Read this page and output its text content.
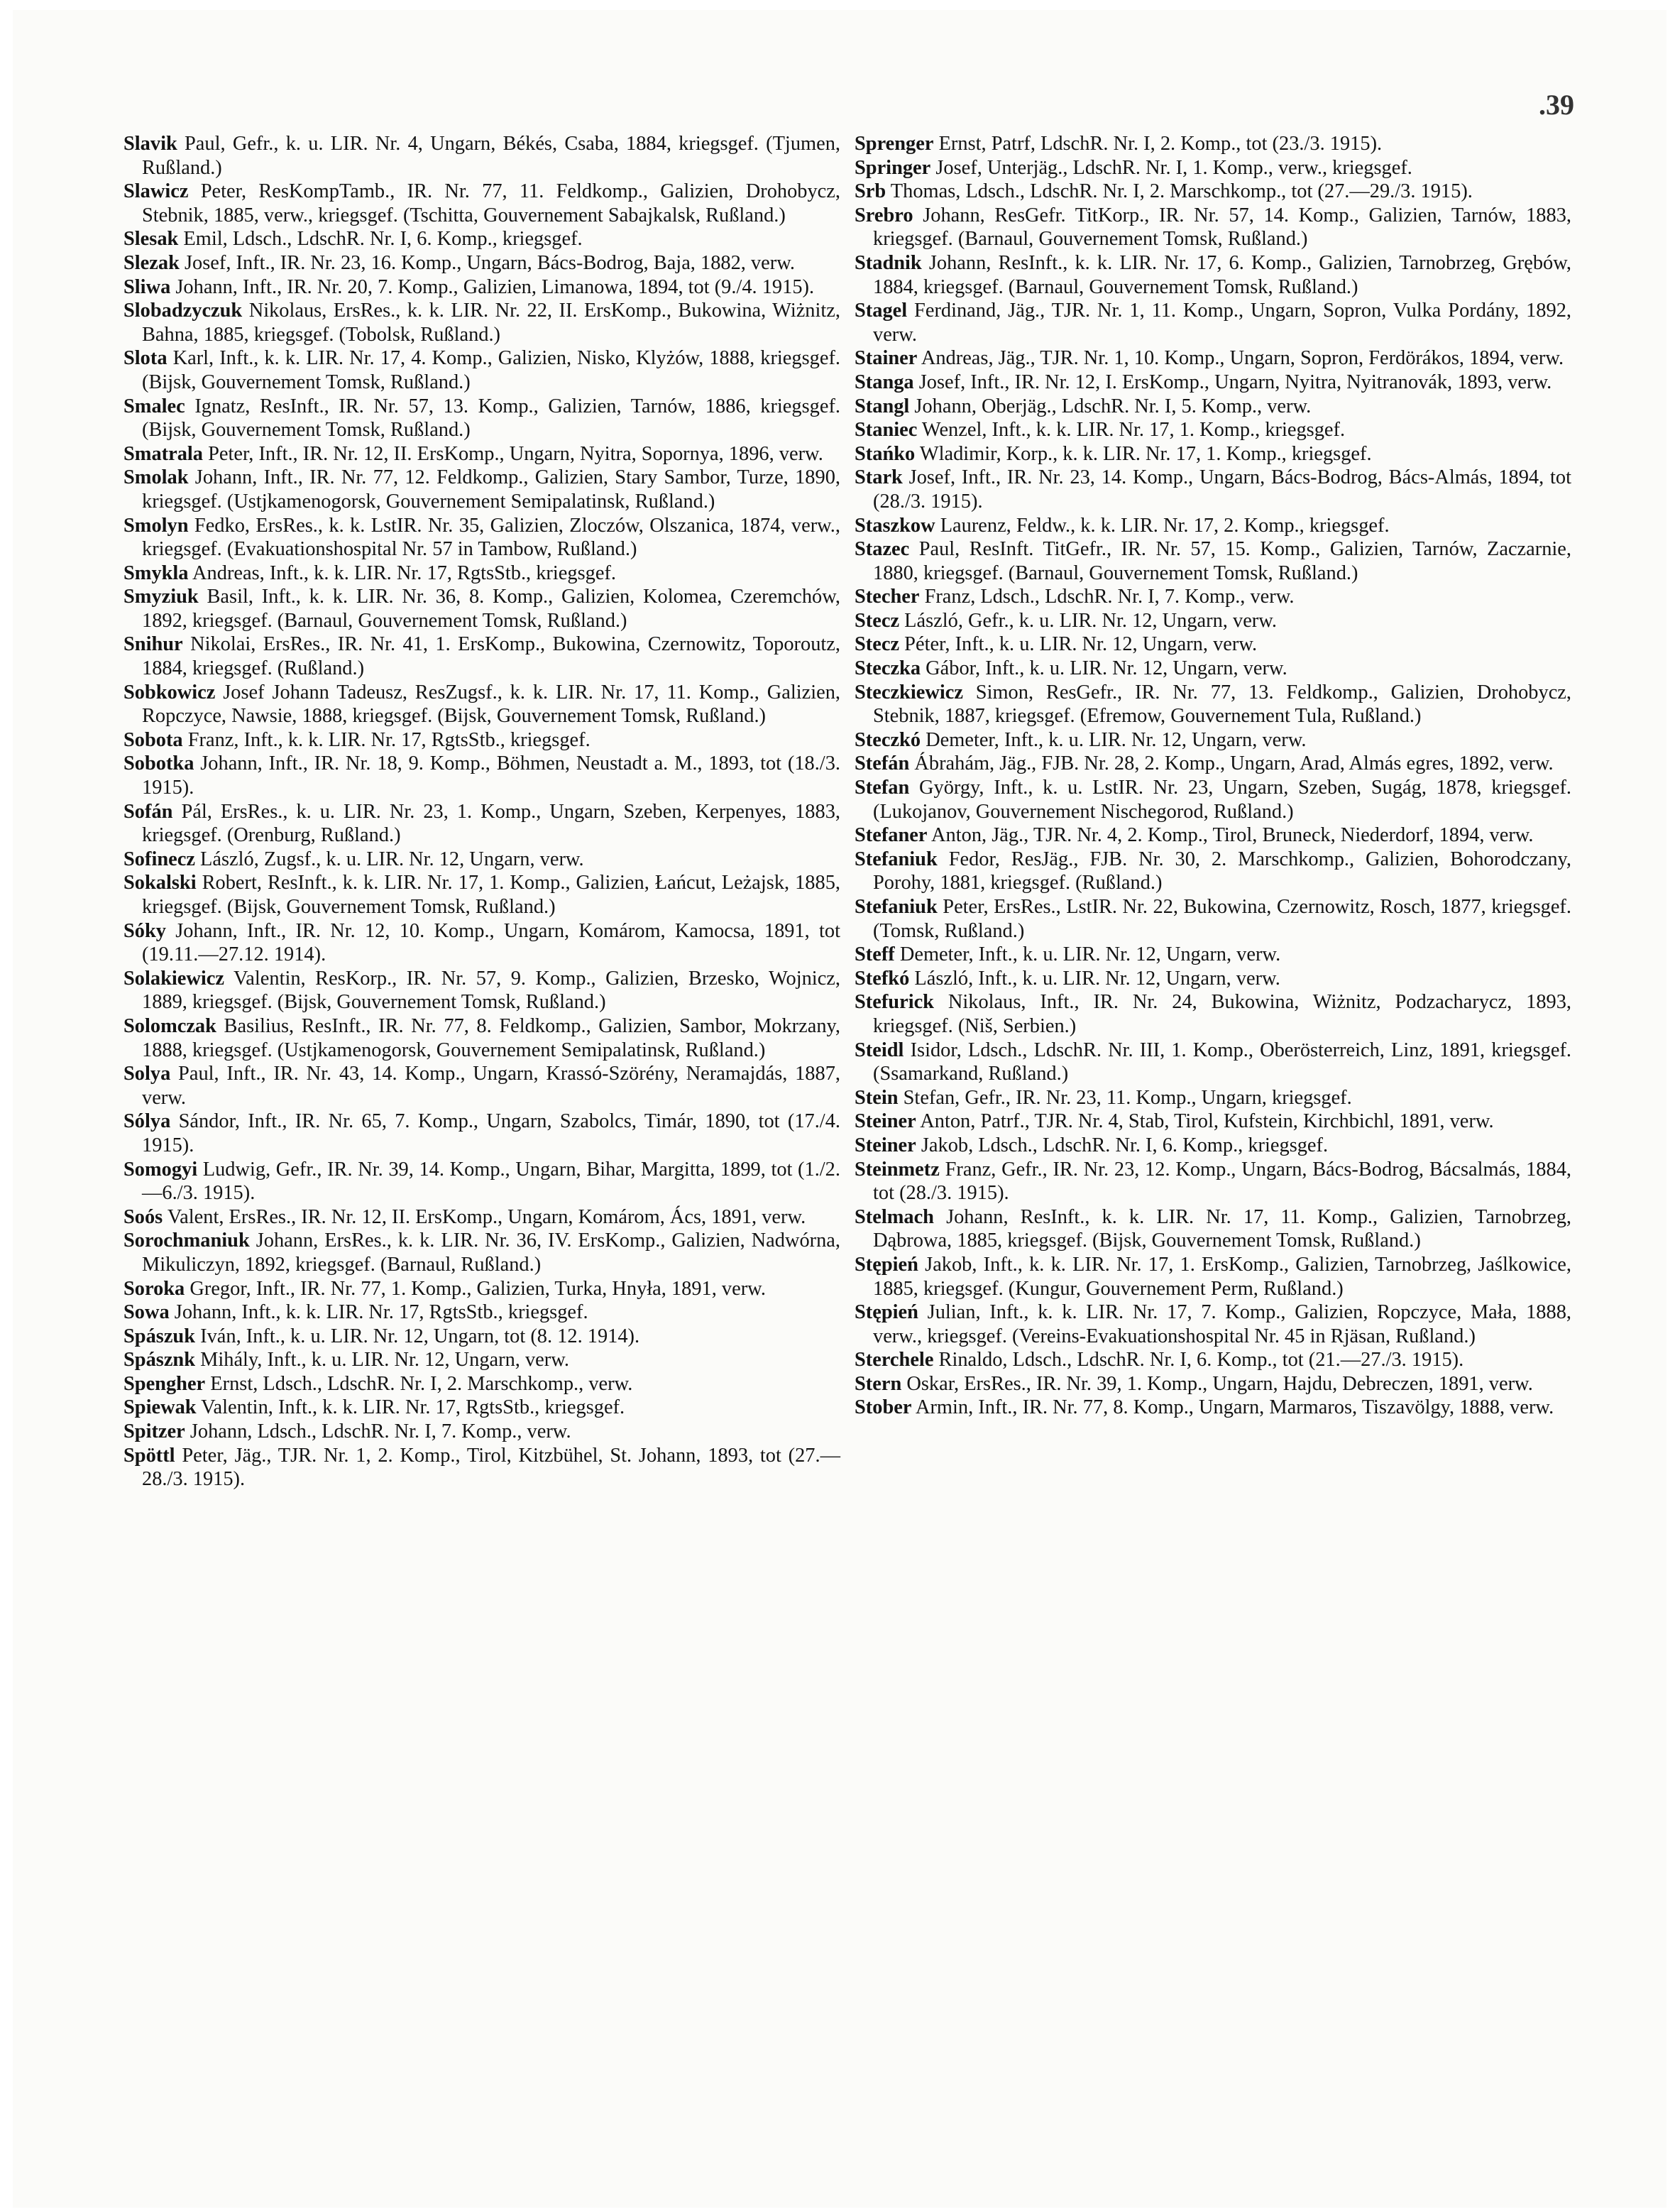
.39

Slavik Paul, Gefr., k. u. LIR. Nr. 4, Ungarn, Békés, Csaba, 1884, kriegsgef. (Tjumen, Rußland.)

Slawicz Peter, ResKompTamb., IR. Nr. 77, 11. Feldkomp., Galizien, Drohobycz, Stebnik, 1885, verw., kriegsgef. (Tschitta, Gouvernement Sabajkalsk, Rußland.)

Slesak Emil, Ldsch., LdschR. Nr. I, 6. Komp., kriegsgef.

Slezak Josef, Inft., IR. Nr. 23, 16. Komp., Ungarn, Bács-Bodrog, Baja, 1882, verw.

Sliwa Johann, Inft., IR. Nr. 20, 7. Komp., Galizien, Limanowa, 1894, tot (9./4. 1915).

Slobadzyczuk Nikolaus, ErsRes., k. k. LIR. Nr. 22, II. ErsKomp., Bukowina, Wiżnitz, Bahna, 1885, kriegsgef. (Tobolsk, Rußland.)

Slota Karl, Inft., k. k. LIR. Nr. 17, 4. Komp., Galizien, Nisko, Klyżów, 1888, kriegsgef. (Bijsk, Gouvernement Tomsk, Rußland.)

Smalec Ignatz, ResInft., IR. Nr. 57, 13. Komp., Galizien, Tarnów, 1886, kriegsgef. (Bijsk, Gouvernement Tomsk, Rußland.)

Smatrala Peter, Inft., IR. Nr. 12, II. ErsKomp., Ungarn, Nyitra, Sopornya, 1896, verw.

Smolak Johann, Inft., IR. Nr. 77, 12. Feldkomp., Galizien, Stary Sambor, Turze, 1890, kriegsgef. (Ustjkamenogorsk, Gouvernement Semipalatinsk, Rußland.)

Smolyn Fedko, ErsRes., k. k. LstIR. Nr. 35, Galizien, Zloczów, Olszanica, 1874, verw., kriegsgef. (Evakuationshospital Nr. 57 in Tambow, Rußland.)

Smykla Andreas, Inft., k. k. LIR. Nr. 17, RgtsStb., kriegsgef.

Smyziuk Basil, Inft., k. k. LIR. Nr. 36, 8. Komp., Galizien, Kolomea, Czeremchów, 1892, kriegsgef. (Barnaul, Gouvernement Tomsk, Rußland.)

Snihur Nikolai, ErsRes., IR. Nr. 41, 1. ErsKomp., Bukowina, Czernowitz, Toporoutz, 1884, kriegsgef. (Rußland.)

Sobkowicz Josef Johann Tadeusz, ResZugsf., k. k. LIR. Nr. 17, 11. Komp., Galizien, Ropczyce, Nawsie, 1888, kriegsgef. (Bijsk, Gouvernement Tomsk, Rußland.)

Sobota Franz, Inft., k. k. LIR. Nr. 17, RgtsStb., kriegsgef.

Sobotka Johann, Inft., IR. Nr. 18, 9. Komp., Böhmen, Neustadt a. M., 1893, tot (18./3. 1915).

Sofán Pál, ErsRes., k. u. LIR. Nr. 23, 1. Komp., Ungarn, Szeben, Kerpenyes, 1883, kriegsgef. (Orenburg, Rußland.)

Sofinecz László, Zugsf., k. u. LIR. Nr. 12, Ungarn, verw.

Sokalski Robert, ResInft., k. k. LIR. Nr. 17, 1. Komp., Galizien, Łańcut, Leżajsk, 1885, kriegsgef. (Bijsk, Gouvernement Tomsk, Rußland.)

Sóky Johann, Inft., IR. Nr. 12, 10. Komp., Ungarn, Komárom, Kamocsa, 1891, tot (19.11.—27.12. 1914).

Solakiewicz Valentin, ResKorp., IR. Nr. 57, 9. Komp., Galizien, Brzesko, Wojnicz, 1889, kriegsgef. (Bijsk, Gouvernement Tomsk, Rußland.)

Solomczak Basilius, ResInft., IR. Nr. 77, 8. Feldkomp., Galizien, Sambor, Mokrzany, 1888, kriegsgef. (Ustjkamenogorsk, Gouvernement Semipalatinsk, Rußland.)

Solya Paul, Inft., IR. Nr. 43, 14. Komp., Ungarn, Krassó-Szörény, Neramajdás, 1887, verw.

Sólya Sándor, Inft., IR. Nr. 65, 7. Komp., Ungarn, Szabolcs, Timár, 1890, tot (17./4. 1915).

Somogyi Ludwig, Gefr., IR. Nr. 39, 14. Komp., Ungarn, Bihar, Margitta, 1899, tot (1./2.—6./3. 1915).

Soós Valent, ErsRes., IR. Nr. 12, II. ErsKomp., Ungarn, Komárom, Ács, 1891, verw.

Sorochmaniuk Johann, ErsRes., k. k. LIR. Nr. 36, IV. ErsKomp., Galizien, Nadwórna, Mikuliczyn, 1892, kriegsgef. (Barnaul, Rußland.)

Soroka Gregor, Inft., IR. Nr. 77, 1. Komp., Galizien, Turka, Hnyła, 1891, verw.

Sowa Johann, Inft., k. k. LIR. Nr. 17, RgtsStb., kriegsgef.

Spászuk Iván, Inft., k. u. LIR. Nr. 12, Ungarn, tot (8. 12. 1914).

Spásznk Mihály, Inft., k. u. LIR. Nr. 12, Ungarn, verw.

Spengher Ernst, Ldsch., LdschR. Nr. I, 2. Marschkomp., verw.

Spiewak Valentin, Inft., k. k. LIR. Nr. 17, RgtsStb., kriegsgef.

Spitzer Johann, Ldsch., LdschR. Nr. I, 7. Komp., verw.

Spöttl Peter, Jäg., TJR. Nr. 1, 2. Komp., Tirol, Kitzbühel, St. Johann, 1893, tot (27.—28./3. 1915).

Sprenger Ernst, Patrf, LdschR. Nr. I, 2. Komp., tot (23./3. 1915).

Springer Josef, Unterjäg., LdschR. Nr. I, 1. Komp., verw., kriegsgef.

Srb Thomas, Ldsch., LdschR. Nr. I, 2. Marschkomp., tot (27.—29./3. 1915).

Srebro Johann, ResGefr. TitKorp., IR. Nr. 57, 14. Komp., Galizien, Tarnów, 1883, kriegsgef. (Barnaul, Gouvernement Tomsk, Rußland.)

Stadnik Johann, ResInft., k. k. LIR. Nr. 17, 6. Komp., Galizien, Tarnobrzeg, Grębów, 1884, kriegsgef. (Barnaul, Gouvernement Tomsk, Rußland.)

Stagel Ferdinand, Jäg., TJR. Nr. 1, 11. Komp., Ungarn, Sopron, Vulka Pordány, 1892, verw.

Stainer Andreas, Jäg., TJR. Nr. 1, 10. Komp., Ungarn, Sopron, Ferdörákos, 1894, verw.

Stanga Josef, Inft., IR. Nr. 12, I. ErsKomp., Ungarn, Nyitra, Nyitranovák, 1893, verw.

Stangl Johann, Oberjäg., LdschR. Nr. I, 5. Komp., verw.

Staniec Wenzel, Inft., k. k. LIR. Nr. 17, 1. Komp., kriegsgef.

Stańko Wladimir, Korp., k. k. LIR. Nr. 17, 1. Komp., kriegsgef.

Stark Josef, Inft., IR. Nr. 23, 14. Komp., Ungarn, Bács-Bodrog, Bács-Almás, 1894, tot (28./3. 1915).

Staszkow Laurenz, Feldw., k. k. LIR. Nr. 17, 2. Komp., kriegsgef.

Stazec Paul, ResInft. TitGefr., IR. Nr. 57, 15. Komp., Galizien, Tarnów, Zaczarnie, 1880, kriegsgef. (Barnaul, Gouvernement Tomsk, Rußland.)

Stecher Franz, Ldsch., LdschR. Nr. I, 7. Komp., verw.

Stecz László, Gefr., k. u. LIR. Nr. 12, Ungarn, verw.

Stecz Péter, Inft., k. u. LIR. Nr. 12, Ungarn, verw.

Steczka Gábor, Inft., k. u. LIR. Nr. 12, Ungarn, verw.

Steczkiewicz Simon, ResGefr., IR. Nr. 77, 13. Feldkomp., Galizien, Drohobycz, Stebnik, 1887, kriegsgef. (Efremow, Gouvernement Tula, Rußland.)

Steczkó Demeter, Inft., k. u. LIR. Nr. 12, Ungarn, verw.

Stefán Ábrahám, Jäg., FJB. Nr. 28, 2. Komp., Ungarn, Arad, Almás egres, 1892, verw.

Stefan György, Inft., k. u. LstIR. Nr. 23, Ungarn, Szeben, Sugág, 1878, kriegsgef. (Lukojanov, Gouvernement Nischegorod, Rußland.)

Stefaner Anton, Jäg., TJR. Nr. 4, 2. Komp., Tirol, Bruneck, Niederdorf, 1894, verw.

Stefaniuk Fedor, ResJäg., FJB. Nr. 30, 2. Marschkomp., Galizien, Bohorodczany, Porohy, 1881, kriegsgef. (Rußland.)

Stefaniuk Peter, ErsRes., LstIR. Nr. 22, Bukowina, Czernowitz, Rosch, 1877, kriegsgef. (Tomsk, Rußland.)

Steff Demeter, Inft., k. u. LIR. Nr. 12, Ungarn, verw.

Stefkó László, Inft., k. u. LIR. Nr. 12, Ungarn, verw.

Stefurick Nikolaus, Inft., IR. Nr. 24, Bukowina, Wiżnitz, Podzacharycz, 1893, kriegsgef. (Niš, Serbien.)

Steidl Isidor, Ldsch., LdschR. Nr. III, 1. Komp., Oberösterreich, Linz, 1891, kriegsgef. (Ssamarkand, Rußland.)

Stein Stefan, Gefr., IR. Nr. 23, 11. Komp., Ungarn, kriegsgef.

Steiner Anton, Patrf., TJR. Nr. 4, Stab, Tirol, Kufstein, Kirchbichl, 1891, verw.

Steiner Jakob, Ldsch., LdschR. Nr. I, 6. Komp., kriegsgef.

Steinmetz Franz, Gefr., IR. Nr. 23, 12. Komp., Ungarn, Bács-Bodrog, Bácsalmás, 1884, tot (28./3. 1915).

Stelmach Johann, ResInft., k. k. LIR. Nr. 17, 11. Komp., Galizien, Tarnobrzeg, Dąbrowa, 1885, kriegsgef. (Bijsk, Gouvernement Tomsk, Rußland.)

Stępień Jakob, Inft., k. k. LIR. Nr. 17, 1. ErsKomp., Galizien, Tarnobrzeg, Jaślkowice, 1885, kriegsgef. (Kungur, Gouvernement Perm, Rußland.)

Stępień Julian, Inft., k. k. LIR. Nr. 17, 7. Komp., Galizien, Ropczyce, Mała, 1888, verw., kriegsgef. (Vereins-Evakuationshospital Nr. 45 in Rjäsan, Rußland.)

Sterchele Rinaldo, Ldsch., LdschR. Nr. I, 6. Komp., tot (21.—27./3. 1915).

Stern Oskar, ErsRes., IR. Nr. 39, 1. Komp., Ungarn, Hajdu, Debreczen, 1891, verw.

Stober Armin, Inft., IR. Nr. 77, 8. Komp., Ungarn, Marmaros, Tiszavölgy, 1888, verw.
